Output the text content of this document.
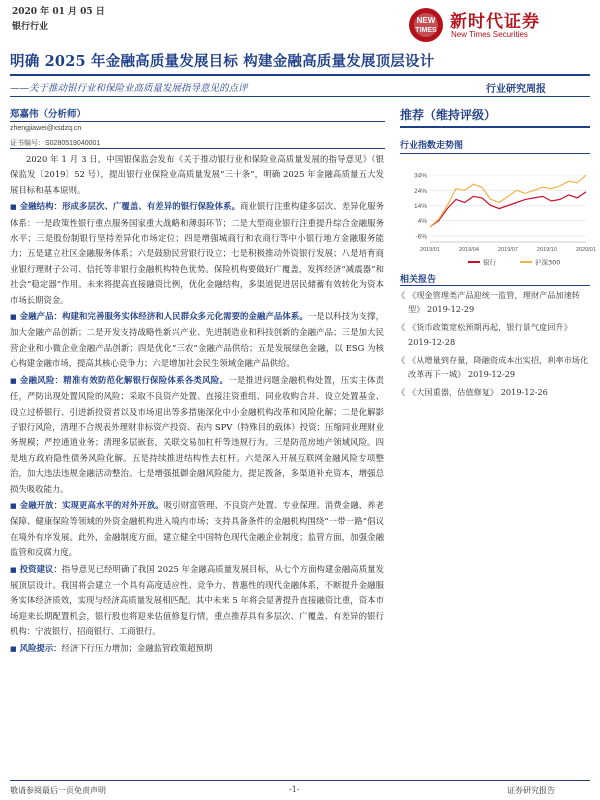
2020 年 01 月 05 日
银行行业
NEW
TIMES 新时代证券
New Times Securities
明确 2025 年金融高质量发展目标 构建金融高质量发展顶层设计
——关于推动银行业和保险业高质量发展指导意见的点评	行业研究周报
郑嘉伟（分析师）
zhengjiawei@xsdzq.cn
证书编号：S0280519040001

2020 年 1 月 3 日，中国银保监会发布《关于推动银行业和保险业高质量发展的指导意见》（银保监发〔2019〕52 号），提出银行业保险业高质量发展“三十条”，明确 2025 年金融高质量五大发展目标和基本原则。

■ 金融结构：形成多层次、广覆盖、有差异的银行保险体系。商业银行注重构建多层次、差异化服务体系：一是政策性银行重点服务国家重大战略和薄弱环节；二是大型商业银行注重提升综合金融服务水平；三是股份制银行坚持差异化市场定位；四是增强城商行和农商行等中小银行地方金融服务能力；五是建立社区金融服务体系；六是鼓励民营银行设立；七是积极推动外资银行发展；八是培育商业银行理财子公司、信托等非银行金融机构特色优势。保险机构要做好广覆盖，发挥经济“减震器”和社会“稳定器”作用。未来将提高直接融资比例，优化金融结构，多渠道促进居民储蓄有效转化为资本市场长期资金。

■ 金融产品：构建和完善服务实体经济和人民群众多元化需要的金融产品体系。一是以科技为支撑，加大金融产品创新；二是开发支持战略性新兴产业、先进制造业和科技创新的金融产品；三是加大民营企业和小微企业金融产品创新；四是优化“三农”金融产品供给；五是发展绿色金融，以 ESG 为核心构建金融市场，提高其核心竞争力；六是增加社会民生领域金融产品供给。

■ 金融风险：精准有效防范化解银行保险体系各类风险。一是推进问题金融机构处置，压实主体责任，严防出现处置风险的风险；采取不良资产处置、直接注资重组、同业收购合并、设立处置基金、设立过桥银行、引进新投资者以及市场退出等多措施深化中小金融机构改革和风险化解；二是化解影子银行风险，清理不合规表外理财非标资产投资、表内 SPV（特殊目的载体）投资；压缩同业理财业务规模；严控通道业务；清理多层嵌套，关联交易加杠杆等违规行为。三是防范房地产领域风险。四是地方政府隐性债务风险化解。五是持续推进结构性去杠杆。六是深入开展互联网金融风险专项整治，加大违法违规金融活动整治。七是增强抵御金融风险能力，提足拨备，多渠道补充资本，增强总损失吸收能力。

■ 金融开放：实现更高水平的对外开放。吸引财富管理、不良资产处置、专业保理、消费金融、养老保障、健康保险等领域的外资金融机构进入境内市场；支持具备条件的金融机构围绕“一带一路”倡议在境外有序发展。此外，金融制度方面，建立健全中国特色现代金融企业制度；监管方面，加强金融监管和反腐力度。

■ 投资建议：指导意见已经明确了我国 2025 年金融高质量发展目标，从七个方面构建金融高质量发展顶层设计。我国将会建立一个具有高度适应性、竞争力、普惠性的现代金融体系，不断提升金融服务实体经济质效，实现与经济高质量发展相匹配。其中未来 5 年将会显著提升直接融资比重，资本市场迎来长期配置机会，银行股也将迎来估值修复行情，重点推荐具有多层次、广覆盖、有差异的银行机构：宁波银行、招商银行、工商银行。

■ 风险提示：经济下行压力增加；金融监管政策超预期

推荐（维持评级）
行业指数走势图
34%
24%
14%
4%
-6%
2019/01	2019/04	2019/07	2019/10	2020/01
银行	沪深300
相关报告
《 《现金管理类产品迎统一监管，理财产品加速转型》 2019-12-29
《 《货币政策宽松预期再起，银行景气度回升》 2019-12-28
《 《从增量到存量，降融资成本出实招，利率市场化改革再下一城》 2019-12-29
《 《大国重器，估值修复》 2019-12-26
敬请参阅最后一页免责声明	-1-	证券研究报告
